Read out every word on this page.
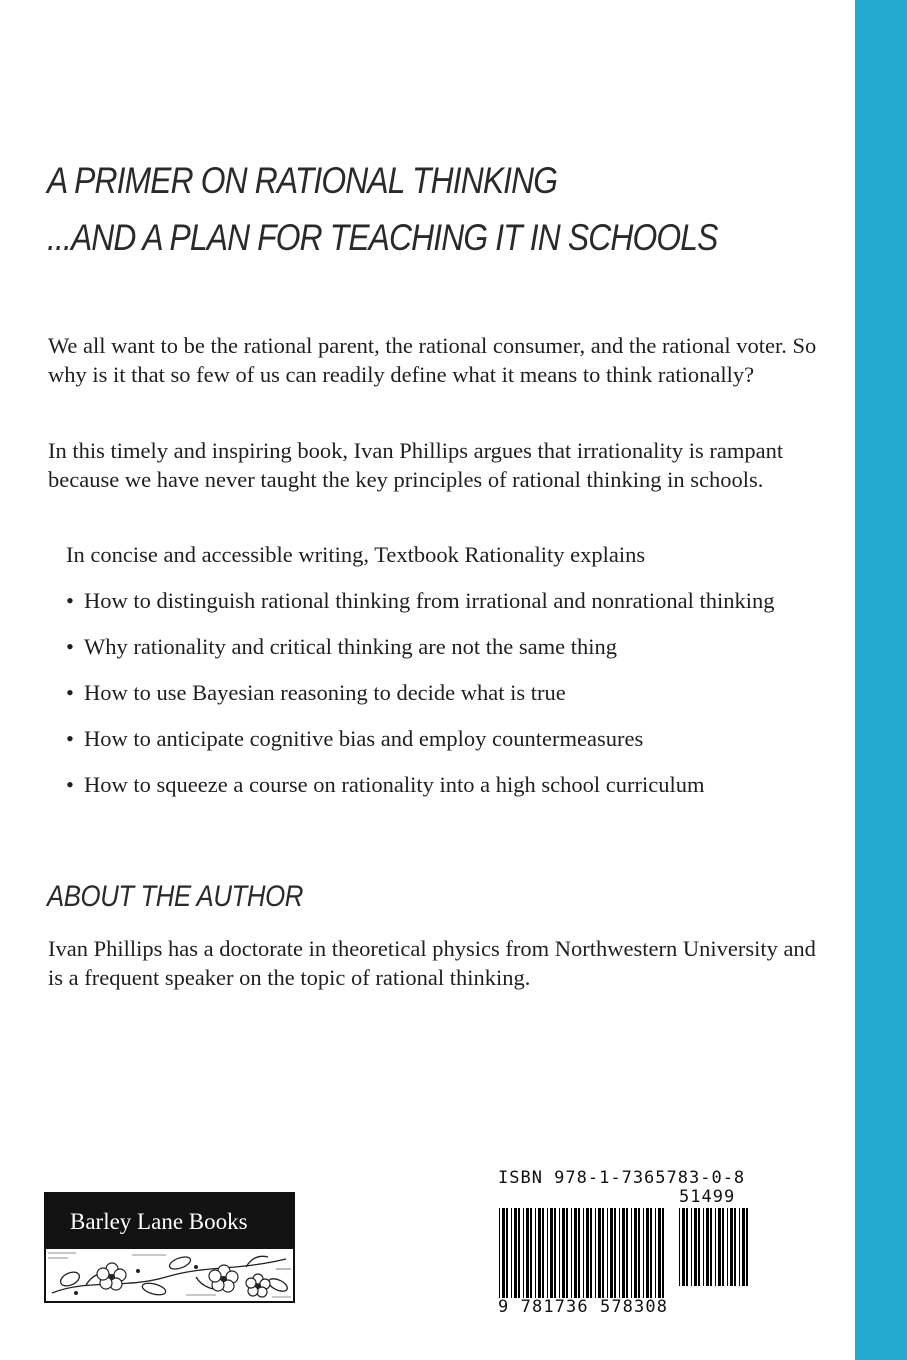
A PRIMER ON RATIONAL THINKING
...AND A PLAN FOR TEACHING IT IN SCHOOLS

We all want to be the rational parent, the rational consumer, and the rational voter. So why is it that so few of us can readily define what it means to think rationally?

In this timely and inspiring book, Ivan Phillips argues that irrationality is rampant because we have never taught the key principles of rational thinking in schools.

In concise and accessible writing, Textbook Rationality explains

• How to distinguish rational thinking from irrational and nonrational thinking
• Why rationality and critical thinking are not the same thing
• How to use Bayesian reasoning to decide what is true
• How to anticipate cognitive bias and employ countermeasures
• How to squeeze a course on rationality into a high school curriculum
ABOUT THE AUTHOR

Ivan Phillips has a doctorate in theoretical physics from Northwestern University and is a frequent speaker on the topic of rational thinking.

Barley Lane Books
ISBN 978-1-7365783-0-8
51499
9 781736 578308
